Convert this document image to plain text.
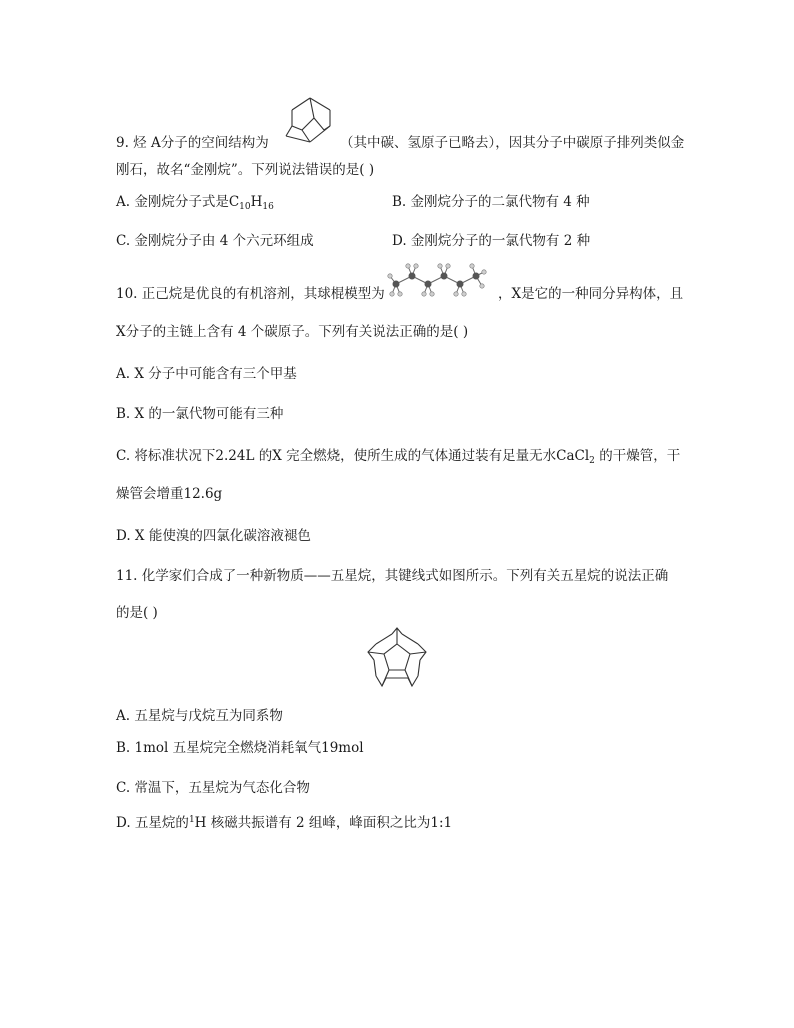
9. 烃 A分子的空间结构为	（其中碳、氢原子已略去），因其分子中碳原子排列类似金
刚石，故名“金刚烷”。下列说法错误的是( )
A. 金刚烷分子式是$C_{10}H_{16}$	B. 金刚烷分子的二氯代物有 4 种
C. 金刚烷分子由 4 个六元环组成	D. 金刚烷分子的一氯代物有 2 种
10. 正己烷是优良的有机溶剂，其球棍模型为	，X是它的一种同分异构体，且
X分子的主链上含有 4 个碳原子。下列有关说法正确的是( )
A. X 分子中可能含有三个甲基
B. X 的一氯代物可能有三种
C. 将标准状况下2.24L 的X 完全燃烧，使所生成的气体通过装有足量无水CaCl$_2$ 的干燥管，干
燥管会增重12.6g
D. X 能使溴的四氯化碳溶液褪色
11. 化学家们合成了一种新物质——五星烷，其键线式如图所示。下列有关五星烷的说法正确
的是( )
A. 五星烷与戊烷互为同系物
B. 1mol 五星烷完全燃烧消耗氧气19mol
C. 常温下，五星烷为气态化合物
D. 五星烷的$^1$H 核磁共振谱有 2 组峰，峰面积之比为1:1
